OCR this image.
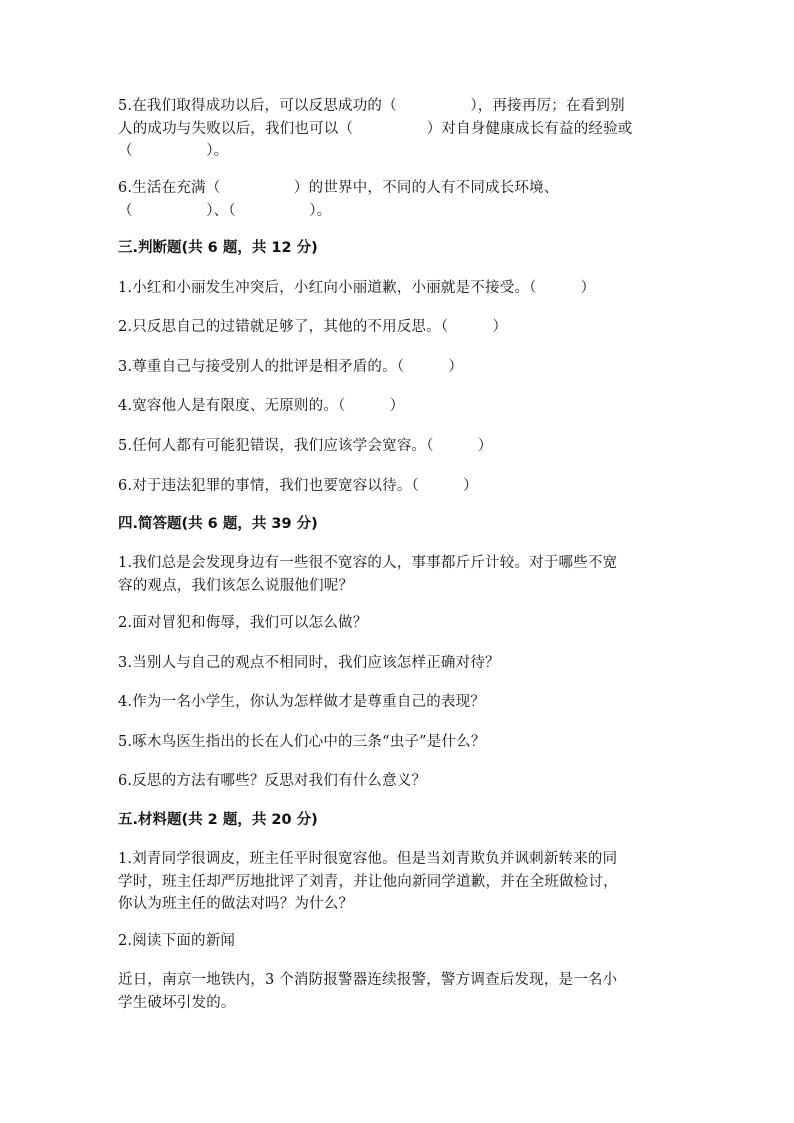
5.在我们取得成功以后，可以反思成功的（　　　　　），再接再厉；在看到别
人的成功与失败以后，我们也可以（　　　　　）对自身健康成长有益的经验或
（　　　　　）。
6.生活在充满（　　　　　）的世界中，不同的人有不同成长环境、
（　　　　　）、（　　　　　）。
三.判断题(共 6 题，共 12 分)
1.小红和小丽发生冲突后，小红向小丽道歉，小丽就是不接受。（　　　）
2.只反思自己的过错就足够了，其他的不用反思。（　　　）
3.尊重自己与接受别人的批评是相矛盾的。（　　　）
4.宽容他人是有限度、无原则的。（　　　）
5.任何人都有可能犯错误，我们应该学会宽容。（　　　）
6.对于违法犯罪的事情，我们也要宽容以待。（　　　）
四.简答题(共 6 题，共 39 分)
1.我们总是会发现身边有一些很不宽容的人，事事都斤斤计较。对于哪些不宽
容的观点，我们该怎么说服他们呢？
2.面对冒犯和侮辱，我们可以怎么做？
3.当别人与自己的观点不相同时，我们应该怎样正确对待？
4.作为一名小学生，你认为怎样做才是尊重自己的表现？
5.啄木鸟医生指出的长在人们心中的三条“虫子”是什么？
6.反思的方法有哪些？反思对我们有什么意义？
五.材料题(共 2 题，共 20 分)
1.刘青同学很调皮，班主任平时很宽容他。但是当刘青欺负并讽刺新转来的同
学时，班主任却严厉地批评了刘青，并让他向新同学道歉，并在全班做检讨，
你认为班主任的做法对吗？为什么？
2.阅读下面的新闻
近日，南京一地铁内，3 个消防报警器连续报警，警方调查后发现，是一名小
学生破坏引发的。
